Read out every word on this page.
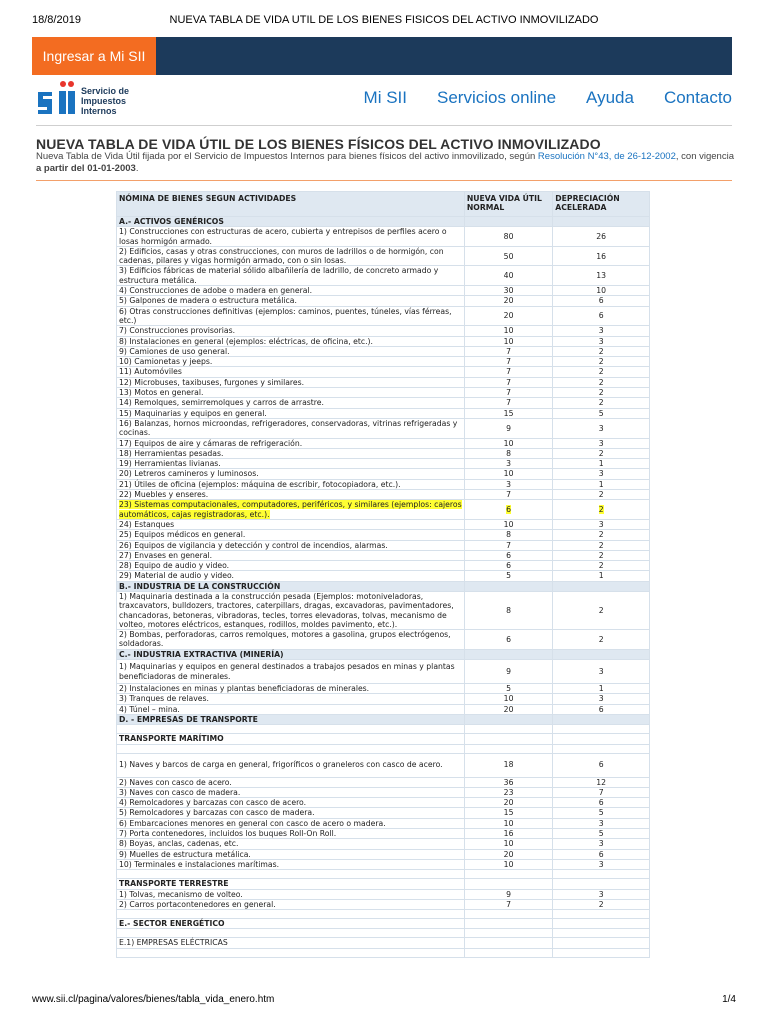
18/8/2019	NUEVA TABLA DE VIDA UTIL DE LOS BIENES FISICOS DEL ACTIVO INMOVILIZADO
Ingresar a Mi SII
Servicio de
Impuestos
Internos
Mi SII Servicios online Ayuda Contacto
NUEVA TABLA DE VIDA ÚTIL DE LOS BIENES FÍSICOS DEL ACTIVO INMOVILIZADO
Nueva Tabla de Vida Útil fijada por el Servicio de Impuestos Internos para bienes físicos del activo inmovilizado, según Resolución N°43, de 26-12-2002, con vigencia a partir del 01-01-2003.
NÓMINA DE BIENES SEGUN ACTIVIDADES	NUEVA VIDA ÚTIL NORMAL	DEPRECIACIÓN ACELERADA
A.- ACTIVOS GENÉRICOS		
1) Construcciones con estructuras de acero, cubierta y entrepisos de perfiles acero o losas hormigón armado.	80	26
2) Edificios, casas y otras construcciones, con muros de ladrillos o de hormigón, con cadenas, pilares y vigas hormigón armado, con o sin losas.	50	16
3) Edificios fábricas de material sólido albañilería de ladrillo, de concreto armado y estructura metálica.	40	13
4) Construcciones de adobe o madera en general.	30	10
5) Galpones de madera o estructura metálica.	20	6
6) Otras construcciones definitivas (ejemplos: caminos, puentes, túneles, vías férreas, etc.)	20	6
7) Construcciones provisorias.	10	3
8) Instalaciones en general (ejemplos: eléctricas, de oficina, etc.).	10	3
9) Camiones de uso general.	7	2
10) Camionetas y jeeps.	7	2
11) Automóviles	7	2
12) Microbuses, taxibuses, furgones y similares.	7	2
13) Motos en general.	7	2
14) Remolques, semirremolques y carros de arrastre.	7	2
15) Maquinarias y equipos en general.	15	5
16) Balanzas, hornos microondas, refrigeradores, conservadoras, vitrinas refrigeradas y cocinas.	9	3
17) Equipos de aire y cámaras de refrigeración.	10	3
18) Herramientas pesadas.	8	2
19) Herramientas livianas.	3	1
20) Letreros camineros y luminosos.	10	3
21) Útiles de oficina (ejemplos: máquina de escribir, fotocopiadora, etc.).	3	1
22) Muebles y enseres.	7	2
23) Sistemas computacionales, computadores, periféricos, y similares (ejemplos: cajeros automáticos, cajas registradoras, etc.).	6	2
24) Estanques	10	3
25) Equipos médicos en general.	8	2
26) Equipos de vigilancia y detección y control de incendios, alarmas.	7	2
27) Envases en general.	6	2
28) Equipo de audio y video.	6	2
29) Material de audio y video.	5	1
B.- INDUSTRIA DE LA CONSTRUCCIÓN		
1) Maquinaria destinada a la construcción pesada (Ejemplos: motoniveladoras, traxcavators, bulldozers, tractores, caterpillars, dragas, excavadoras, pavimentadores, chancadoras, betoneras, vibradoras, tecles, torres elevadoras, tolvas, mecanismo de volteo, motores eléctricos, estanques, rodillos, moldes pavimento, etc.).	8	2
2) Bombas, perforadoras, carros remolques, motores a gasolina, grupos electrógenos, soldadoras.	6	2
C.- INDUSTRIA EXTRACTIVA (MINERÍA)		
1) Maquinarias y equipos en general destinados a trabajos pesados en minas y plantas beneficiadoras de minerales.	9	3
2) Instalaciones en minas y plantas beneficiadoras de minerales.	5	1
3) Tranques de relaves.	10	3
4) Túnel – mina.	20	6
D. - EMPRESAS DE TRANSPORTE		

TRANSPORTE MARÍTIMO		

1) Naves y barcos de carga en general, frigoríficos o graneleros con casco de acero.	18	6
2) Naves con casco de acero.	36	12
3) Naves con casco de madera.	23	7
4) Remolcadores y barcazas con casco de acero.	20	6
5) Remolcadores y barcazas con casco de madera.	15	5
6) Embarcaciones menores en general con casco de acero o madera.	10	3
7) Porta contenedores, incluidos los buques Roll-On Roll.	16	5
8) Boyas, anclas, cadenas, etc.	10	3
9) Muelles de estructura metálica.	20	6
10) Terminales e instalaciones marítimas.	10	3

TRANSPORTE TERRESTRE		
1) Tolvas, mecanismo de volteo.	9	3
2) Carros portacontenedores en general.	7	2

E.- SECTOR ENERGÉTICO		

E.1) EMPRESAS ELÉCTRICAS		

www.sii.cl/pagina/valores/bienes/tabla_vida_enero.htm	1/4
